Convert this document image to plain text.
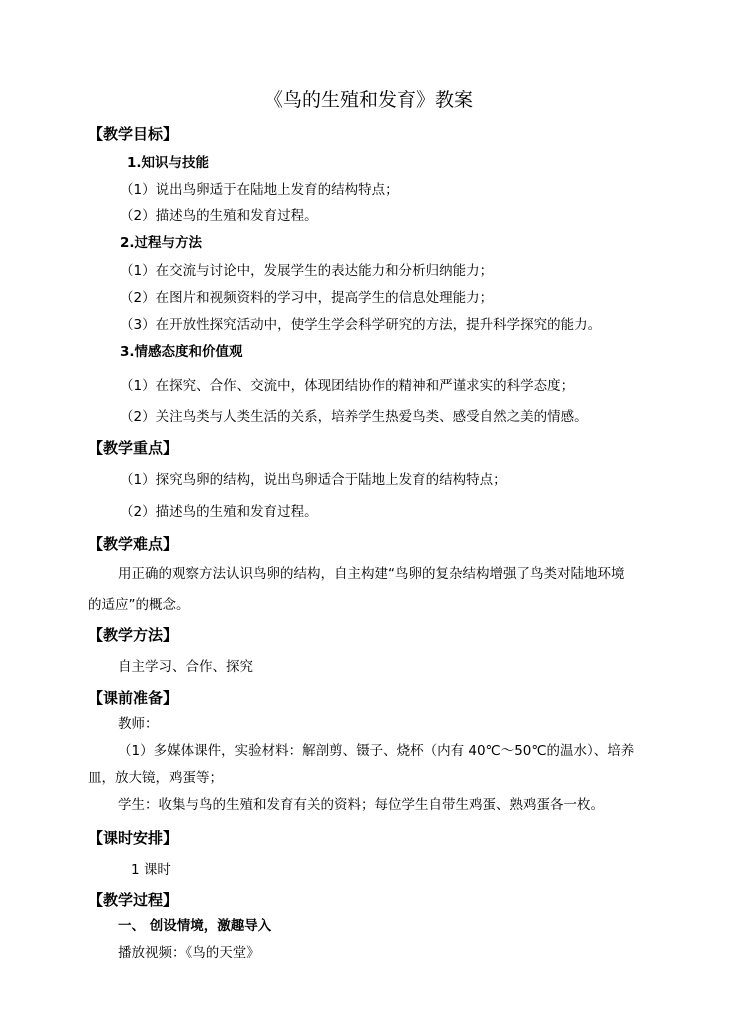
《鸟的生殖和发育》教案
【教学目标】
1.知识与技能
（1）说出鸟卵适于在陆地上发育的结构特点；
（2）描述鸟的生殖和发育过程。
2.过程与方法
（1）在交流与讨论中，发展学生的表达能力和分析归纳能力；
（2）在图片和视频资料的学习中，提高学生的信息处理能力；
（3）在开放性探究活动中，使学生学会科学研究的方法，提升科学探究的能力。
3.情感态度和价值观
（1）在探究、合作、交流中，体现团结协作的精神和严谨求实的科学态度；
（2）关注鸟类与人类生活的关系，培养学生热爱鸟类、感受自然之美的情感。
【教学重点】
（1）探究鸟卵的结构，说出鸟卵适合于陆地上发育的结构特点；
（2）描述鸟的生殖和发育过程。
【教学难点】
用正确的观察方法认识鸟卵的结构，自主构建“鸟卵的复杂结构增强了鸟类对陆地环境
的适应”的概念。
【教学方法】
自主学习、合作、探究
【课前准备】
教师：
（1）多媒体课件，实验材料：解剖剪、镊子、烧杯（内有 40℃～50℃的温水）、培养
皿，放大镜，鸡蛋等；
学生：收集与鸟的生殖和发育有关的资料；每位学生自带生鸡蛋、熟鸡蛋各一枚。
【课时安排】
1 课时
【教学过程】
一、 创设情境，激趣导入
播放视频：《鸟的天堂》
